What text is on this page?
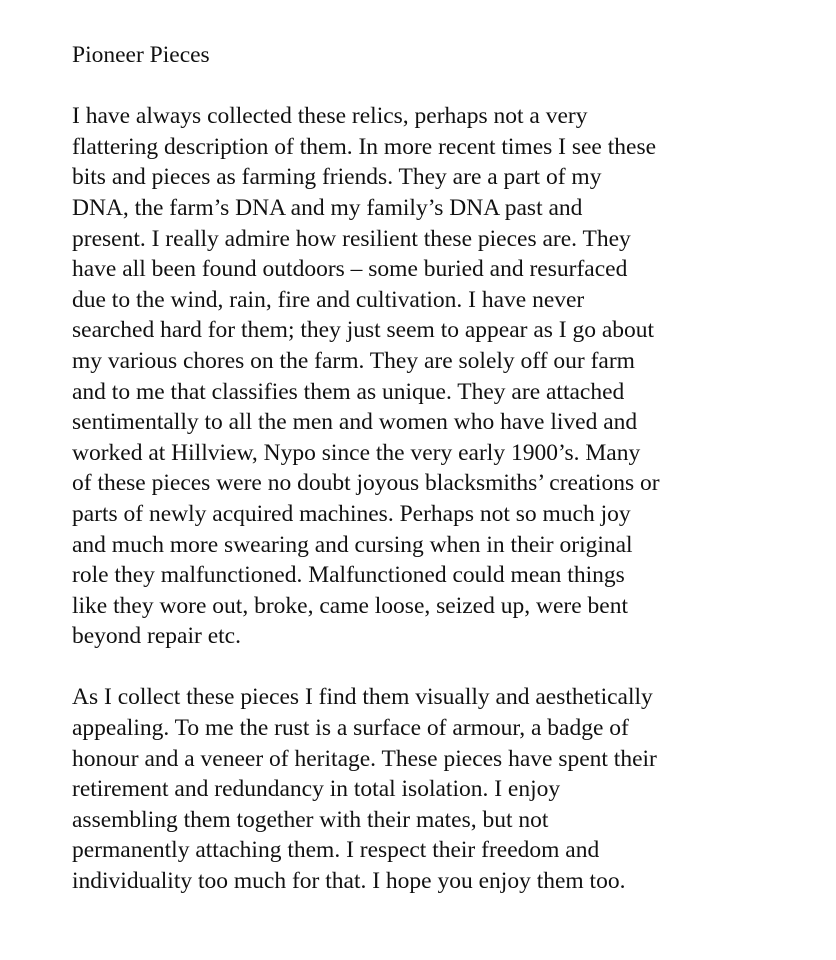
Pioneer Pieces

I have always collected these relics, perhaps not a very
flattering description of them. In more recent times I see these
bits and pieces as farming friends. They are a part of my
DNA, the farm’s DNA and my family’s DNA past and
present. I really admire how resilient these pieces are. They
have all been found outdoors – some buried and resurfaced
due to the wind, rain, fire and cultivation. I have never
searched hard for them; they just seem to appear as I go about
my various chores on the farm. They are solely off our farm
and to me that classifies them as unique. They are attached
sentimentally to all the men and women who have lived and
worked at Hillview, Nypo since the very early 1900’s. Many
of these pieces were no doubt joyous blacksmiths’ creations or
parts of newly acquired machines. Perhaps not so much joy
and much more swearing and cursing when in their original
role they malfunctioned. Malfunctioned could mean things
like they wore out, broke, came loose, seized up, were bent
beyond repair etc.

As I collect these pieces I find them visually and aesthetically
appealing. To me the rust is a surface of armour, a badge of
honour and a veneer of heritage. These pieces have spent their
retirement and redundancy in total isolation. I enjoy
assembling them together with their mates, but not
permanently attaching them. I respect their freedom and
individuality too much for that. I hope you enjoy them too.
